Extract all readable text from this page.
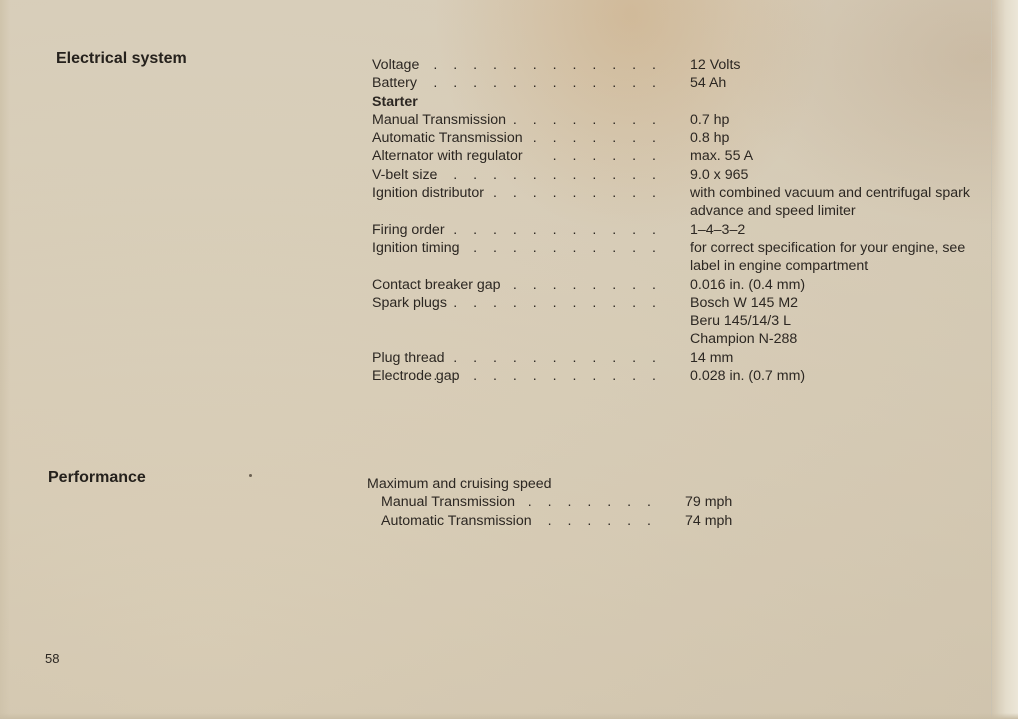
Electrical system	Voltage . . . . . . . . . . . . 12 Volts
Battery . . . . . . . . . . . . 54 Ah
Starter
Manual Transmission . . . . . . . . 0.7 hp
Automatic Transmission . . . . . . . 0.8 hp
Alternator with regulator . . . . . . max. 55 A
V-belt size
. . . . . . . . . . . . 9.0 x 965
Ignition distributor . . . . . . . . . with combined vacuum and centrifugal spark advance and speed limiter
Firing order
. . . . . . . . . . . . 1–4–3–2
Ignition timing
. . . . . . . . . . . . for correct specification for your engine, see label in engine compartment
Contact breaker gap . . . . . . . . 0.016 in. (0.4 mm)
Spark plugs
. . . . . . . . . . . . Bosch W 145 M2
Beru 145/14/3 L
Champion N-288
Plug thread
. . . . . . . . . . . . 14 mm
Electrode gap
. . . . . . . . . . . . 0.028 in. (0.7 mm)
Performance	Maximum and cruising speed
Manual Transmission . . . . . . . 79 mph
Automatic Transmission . . . . . . 74 mph
58
